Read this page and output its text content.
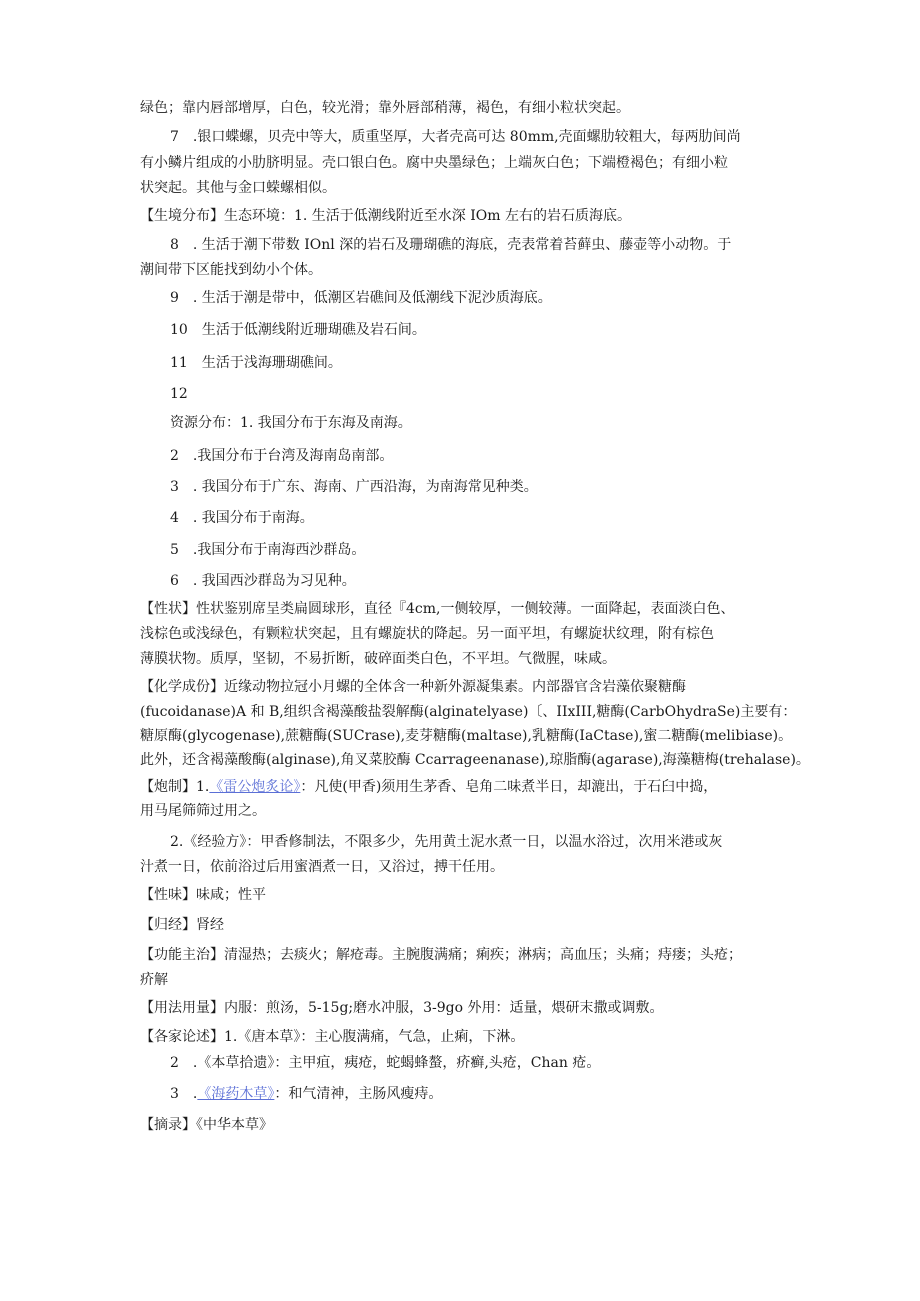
绿色；靠内唇部增厚，白色，较光滑；靠外唇部稍薄，褐色，有细小粒状突起。
7　.银口蝶螺，贝壳中等大，质重坚厚，大者壳高可达 80mm,壳面螺肋较粗大，每两肋间尚
有小鳞片组成的小肋脐明显。壳口银白色。腐中央墨绿色；上端灰白色；下端橙褐色；有细小粒
状突起。其他与金口蝾螺相似。
【生境分布】生态环境：1. 生活于低潮线附近至水深 IOm 左右的岩石质海底。
8　. 生活于潮下带数 IOnl 深的岩石及珊瑚礁的海底，壳表常着苔藓虫、藤壶等小动物。于
潮间带下区能找到幼小个体。
9　. 生活于潮是带中，低潮区岩礁间及低潮线下泥沙质海底。
10　生活于低潮线附近珊瑚礁及岩石间。
11　生活于浅海珊瑚礁间。
12
资源分布：1. 我国分布于东海及南海。
2　.我国分布于台湾及海南岛南部。
3　. 我国分布于广东、海南、广西沿海，为南海常见种类。
4　. 我国分布于南海。
5　.我国分布于南海西沙群岛。
6　. 我国西沙群岛为习见种。
【性状】性状鉴别席呈类扁圆球形，直径『4cm,一侧较厚，一侧较薄。一面降起，表面淡白色、
浅棕色或浅绿色，有颗粒状突起，且有螺旋状的降起。另一面平坦，有螺旋状纹理，附有棕色
薄膜状物。质厚，坚韧，不易折断，破碎面类白色，不平坦。气微腥，味咸。
【化学成份】近缘动物拉冠小月螺的全体含一种新外源凝集素。内部器官含岩藻依聚糖酶
(fucoidanase)A 和 B,组织含褐藻酸盐裂解酶(alginatelyase)〔、IIxIII,糖酶(CarbOhydraSe)主要有：
糖原酶(glycogenase),蔗糖酶(SUCrase),麦芽糖酶(maltase),乳糖酶(IaCtase),蜜二糖酶(melibiase)。
此外，还含褐藻酸酶(alginase),角叉菜胶酶 Ccarrageenanase),琼脂酶(agarase),海藻糖梅(trehalase)。
【炮制】1.《雷公炮炙论》：凡使(甲香)须用生茅香、皂角二味煮半日，却漉出，于石臼中捣，
用马尾筛筛过用之。
2.《经验方》：甲香修制法，不限多少，先用黄土泥水煮一日，以温水浴过，次用米港或灰
汁煮一日，依前浴过后用蜜酒煮一日，又浴过，搏干任用。
【性味】味咸；性平
【归经】肾经
【功能主治】清湿热；去痰火；解疮毒。主腕腹满痛；痢疾；淋病；高血压；头痛；痔瘘；头疮；
疥解
【用法用量】内服：煎汤，5-15g;磨水冲服，3-9go 外用：适量，煨研末撒或调敷。
【各家论述】1.《唐本草》：主心腹满痛，气急，止痢，下淋。
2　.《本草拾遗》：主甲疽，痍疮，蛇蝎蜂螯，疥癣,头疮，Chan 疮。
3　.《海药木草》：和气清神，主肠风瘦痔。
【摘录】《中华本草》
